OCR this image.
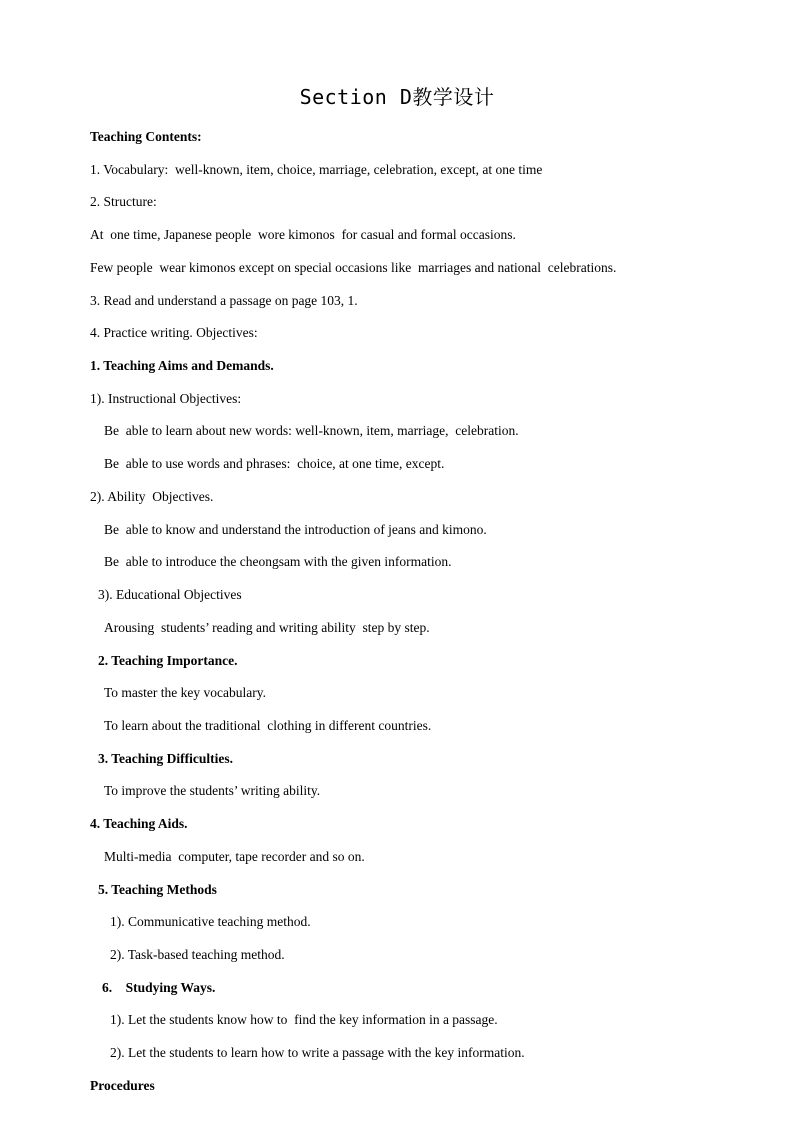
Section D教学设计

Teaching Contents:

1. Vocabulary:  well-known, item, choice, marriage, celebration, except, at one time

2. Structure:

At  one time, Japanese people  wore kimonos  for casual and formal occasions.

Few people  wear kimonos except on special occasions like  marriages and national  celebrations.

3. Read and understand a passage on page 103, 1.

4. Practice writing. Objectives:

1. Teaching Aims and Demands.

1). Instructional Objectives:

Be  able to learn about new words: well-known, item, marriage,  celebration.

Be  able to use words and phrases:  choice, at one time, except.

2). Ability  Objectives.

Be  able to know and understand the introduction of jeans and kimono.

Be  able to introduce the cheongsam with the given information.

3). Educational Objectives

Arousing  students’ reading and writing ability  step by step.

2. Teaching Importance.

To master the key vocabulary.

To learn about the traditional  clothing in different countries.

3. Teaching Difficulties.

To improve the students’ writing ability.

4. Teaching Aids.

Multi-media  computer, tape recorder and so on.

5. Teaching Methods

1). Communicative teaching method.

2). Task-based teaching method.

6.    Studying Ways.

1). Let the students know how to  find the key information in a passage.

2). Let the students to learn how to write a passage with the key information.

Procedures
